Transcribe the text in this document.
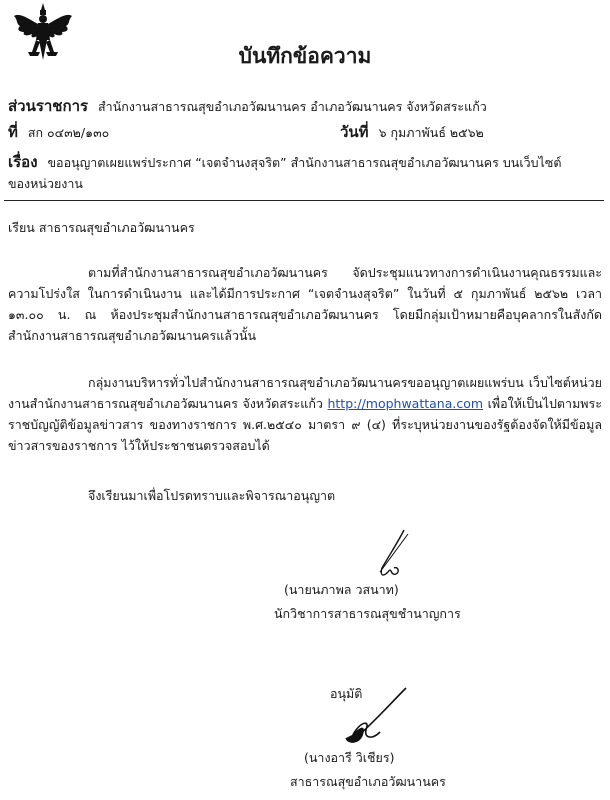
บันทึกข้อความ
ส่วนราชการ สำนักงานสาธารณสุขอำเภอวัฒนานคร อำเภอวัฒนานคร จังหวัดสระแก้ว
ที่ สก ๐๔๓๒/๑๓๐	วันที่ ๖ กุมภาพันธ์ ๒๕๖๒
เรื่อง ขออนุญาตเผยแพร่ประกาศ “เจตจำนงสุจริต” สำนักงานสาธารณสุขอำเภอวัฒนานคร บนเว็บไซต์
ของหน่วยงาน
เรียน สาธารณสุขอำเภอวัฒนานคร
ตามที่สำนักงานสาธารณสุขอำเภอวัฒนานคร จัดประชุมแนวทางการดำเนินงานคุณธรรมและความโปร่งใส ในการดำเนินงาน และได้มีการประกาศ “เจตจำนงสุจริต” ในวันที่ ๕ กุมภาพันธ์ ๒๕๖๒ เวลา ๑๓.๐๐ น. ณ ห้องประชุมสำนักงานสาธารณสุขอำเภอวัฒนานคร โดยมีกลุ่มเป้าหมายคือบุคลากรในสังกัดสำนักงานสาธารณสุขอำเภอวัฒนานครแล้วนั้น
กลุ่มงานบริหารทั่วไปสำนักงานสาธารณสุขอำเภอวัฒนานครขออนุญาตเผยแพร่บน เว็บไซต์หน่วยงานสำนักงานสาธารณสุขอำเภอวัฒนานคร จังหวัดสระแก้ว http://mophwattana.com เพื่อให้เป็นไปตามพระราชบัญญัติข้อมูลข่าวสาร ของทางราชการ พ.ศ.๒๕๔๐ มาตรา ๙ (๔) ที่ระบุหน่วยงานของรัฐต้องจัดให้มีข้อมูลข่าวสารของราชการ ไว้ให้ประชาชนตรวจสอบได้
จึงเรียนมาเพื่อโปรดทราบและพิจารณาอนุญาต
(นายนภาพล วสนาท)
นักวิชาการสาธารณสุขชำนาญการ
อนุมัติ
(นางอารี วิเชียร)
สาธารณสุขอำเภอวัฒนานคร
